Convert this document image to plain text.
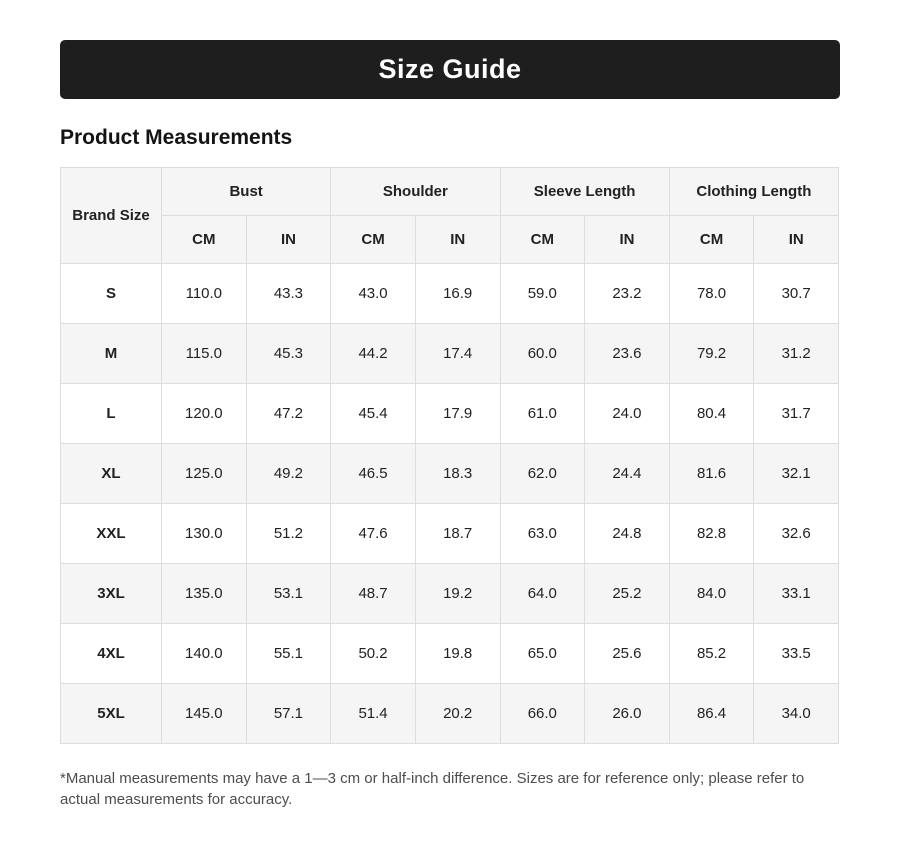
Size Guide
Product Measurements
Brand Size	Bust		Shoulder		Sleeve Length		Clothing Length	
	CM	IN	CM	IN	CM	IN	CM	IN
S	110.0	43.3	43.0	16.9	59.0	23.2	78.0	30.7
M	115.0	45.3	44.2	17.4	60.0	23.6	79.2	31.2
L	120.0	47.2	45.4	17.9	61.0	24.0	80.4	31.7
XL	125.0	49.2	46.5	18.3	62.0	24.4	81.6	32.1
XXL	130.0	51.2	47.6	18.7	63.0	24.8	82.8	32.6
3XL	135.0	53.1	48.7	19.2	64.0	25.2	84.0	33.1
4XL	140.0	55.1	50.2	19.8	65.0	25.6	85.2	33.5
5XL	145.0	57.1	51.4	20.2	66.0	26.0	86.4	34.0

*Manual measurements may have a 1—3 cm or half-inch difference. Sizes are for reference only; please refer to actual measurements for accuracy.
